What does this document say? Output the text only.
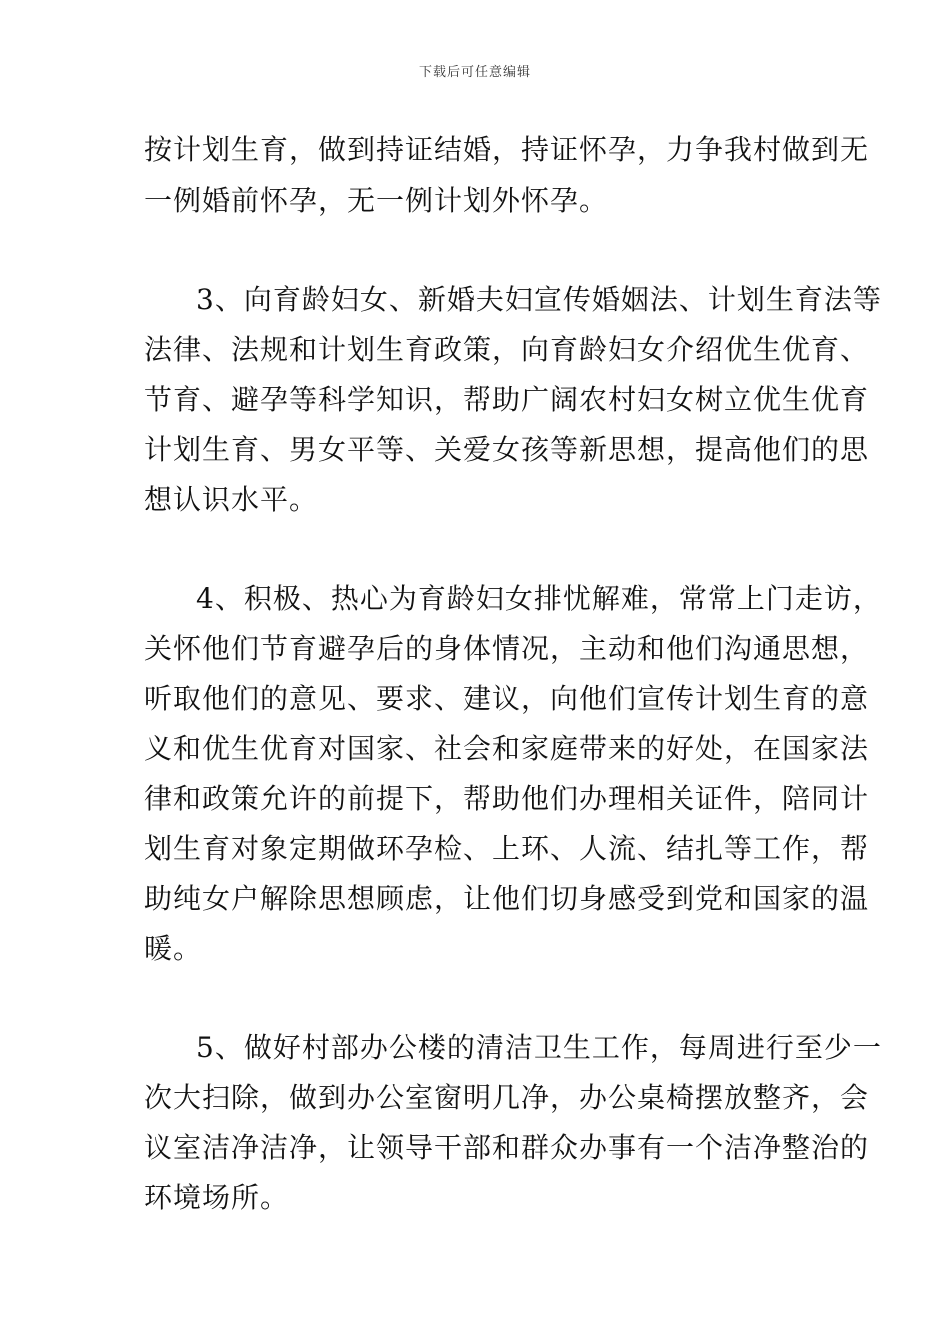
下载后可任意编辑
按计划生育，做到持证结婚，持证怀孕，力争我村做到无
一例婚前怀孕，无一例计划外怀孕。
3、向育龄妇女、新婚夫妇宣传婚姻法、计划生育法等
法律、法规和计划生育政策，向育龄妇女介绍优生优育、
节育、避孕等科学知识，帮助广阔农村妇女树立优生优育
计划生育、男女平等、关爱女孩等新思想，提高他们的思
想认识水平。
4、积极、热心为育龄妇女排忧解难，常常上门走访，
关怀他们节育避孕后的身体情况，主动和他们沟通思想，
听取他们的意见、要求、建议，向他们宣传计划生育的意
义和优生优育对国家、社会和家庭带来的好处，在国家法
律和政策允许的前提下，帮助他们办理相关证件，陪同计
划生育对象定期做环孕检、上环、人流、结扎等工作，帮
助纯女户解除思想顾虑，让他们切身感受到党和国家的温
暖。
5、做好村部办公楼的清洁卫生工作，每周进行至少一
次大扫除，做到办公室窗明几净，办公桌椅摆放整齐，会
议室洁净洁净，让领导干部和群众办事有一个洁净整治的
环境场所。
